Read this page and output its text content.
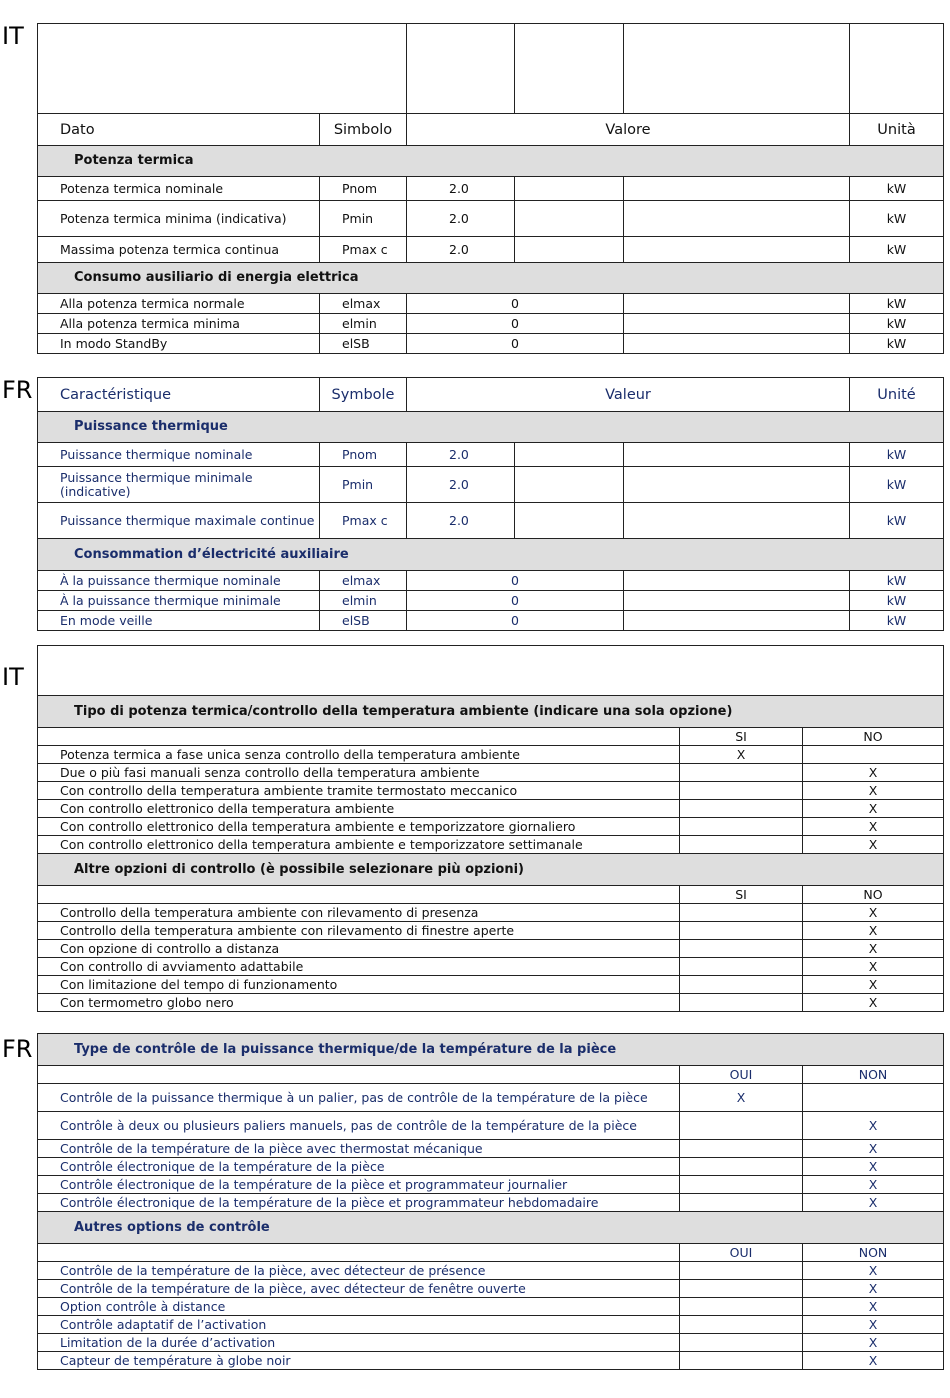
IT
FR
IT
FR

Dato	Simbolo	Valore			Unità
Potenza termica					
Potenza termica nominale	Pnom	2.0			kW
Potenza termica minima (indicativa)	Pmin	2.0			kW
Massima potenza termica continua	Pmax c	2.0			kW
Consumo ausiliario di energia elettrica					
Alla potenza termica normale	elmax	0			kW
Alla potenza termica minima	elmin	0			kW
In modo StandBy	elSB	0			kW
Caractéristique	Symbole	Valeur			Unité
Puissance thermique					
Puissance thermique nominale	Pnom	2.0			kW
Puissance thermique minimale (indicative)	Pmin	2.0			kW
Puissance thermique maximale continue	Pmax c	2.0			kW
Consommation d’électricité auxiliaire					
À la puissance thermique nominale	elmax	0			kW
À la puissance thermique minimale	elmin	0			kW
En mode veille	elSB	0			kW

Tipo di potenza termica/controllo della temperatura ambiente (indicare una sola opzione)		
	SI	NO
Potenza termica a fase unica senza controllo della temperatura ambiente	X	
Due o più fasi manuali senza controllo della temperatura ambiente		X
Con controllo della temperatura ambiente tramite termostato meccanico		X
Con controllo elettronico della temperatura ambiente		X
Con controllo elettronico della temperatura ambiente e temporizzatore giornaliero		X
Con controllo elettronico della temperatura ambiente e temporizzatore settimanale		X
Altre opzioni di controllo (è possibile selezionare più opzioni)		
	SI	NO
Controllo della temperatura ambiente con rilevamento di presenza		X
Controllo della temperatura ambiente con rilevamento di finestre aperte		X
Con opzione di controllo a distanza		X
Con controllo di avviamento adattabile		X
Con limitazione del tempo di funzionamento		X
Con termometro globo nero		X
Type de contrôle de la puissance thermique/de la température de la pièce		
	OUI	NON
Contrôle de la puissance thermique à un palier, pas de contrôle de la température de la pièce	X	
Contrôle à deux ou plusieurs paliers manuels, pas de contrôle de la température de la pièce		X
Contrôle de la température de la pièce avec thermostat mécanique		X
Contrôle électronique de la température de la pièce		X
Contrôle électronique de la température de la pièce et programmateur journalier		X
Contrôle électronique de la température de la pièce et programmateur hebdomadaire		X
Autres options de contrôle		
	OUI	NON
Contrôle de la température de la pièce, avec détecteur de présence		X
Contrôle de la température de la pièce, avec détecteur de fenêtre ouverte		X
Option contrôle à distance		X
Contrôle adaptatif de l’activation		X
Limitation de la durée d’activation		X
Capteur de température à globe noir		X
